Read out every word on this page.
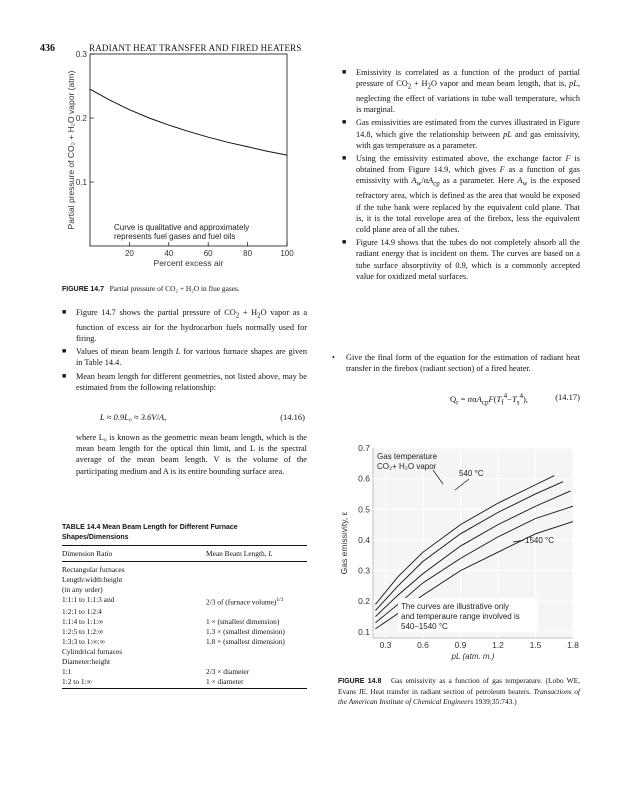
436	RADIANT HEAT TRANSFER AND FIRED HEATERS
0.1
0.2
0.3
20	40	60	80	100
Percent excess air
Partial pressure of CO₂ + H₂O vapor (atm)	Curve is qualitative and approximately
represents fuel gases and fuel oils
FIGURE 14.7 Partial pressure of CO₂ + H₂O in flue gases.
■ Figure 14.7 shows the partial pressure of $CO_2 + H_2O$ vapor as a function of excess air for the hydrocarbon fuels normally used for firing.
■ Values of mean beam length L for various furnace shapes are given in Table 14.4.
■ Mean beam length for different geometries, not listed above, may be estimated from the following relationship:
L ≈ 0.9L₀ ≈ 3.6V/A,	(14.16)
where L₀ is known as the geometric mean beam length, which is the mean beam length for the optical thin limit, and L is the spectral average of the mean beam length. V is the volume of the participating medium and A is its entire bounding surface area.
TABLE 14.4 Mean Beam Length for Different Furnace
Shapes/Dimensions
Dimension Ratio	Mean Beam Length, L
Rectangular furnaces	
Length:width:height	
(in any order)	
1:1:1 to 1:1:3 and	2/3 of (furnace volume)$^{1/3}$
1:2:1 to 1:2:4	
1:1:4 to 1:1:∞	1 × (smallest dimension)
1:2:5 to 1:2:∞	1.3 × (smallest dimension)
1:3:3 to 1:∞:∞	1.8 × (smallest dimension)
Cylindrical furnaces	
Diameter:height	
1:1	2/3 × diameter
1:2 to 1:∞	1 × diameter
■ Emissivity is correlated as a function of the product of partial pressure of $CO_2 + H_2O$ vapor and mean beam length, that is, pL, neglecting the effect of variations in tube wall temperature, which is marginal.
■ Gas emissivities are estimated from the curves illustrated in Figure 14.8, which give the relationship between pL and gas emissivity, with gas temperature as a parameter.
■ Using the emissivity estimated above, the exchange factor F is obtained from Figure 14.9, which gives F as a function of gas emissivity with $A_w/\alpha A_{cp}$ as a parameter. Here $A_w$ is the exposed refractory area, which is defined as the area that would be exposed if the tube bank were replaced by the equivalent cold plane. That is, it is the total envelope area of the firebox, less the equivalent cold plane area of all the tubes.
■ Figure 14.9 shows that the tubes do not completely absorb all the radiant energy that is incident on them. The curves are based on a tube surface absorptivity of 0.9, which is a commonly accepted value for oxidized metal surfaces.
• Give the final form of the equation for the estimation of radiant heat transfer in the firebox (radiant section) of a fired heater.
$Q_r = \sigma\alpha A_{cp}F(T_f^4-T_s^4)$,	(14.17)
0.1
0.2
0.3
0.4
0.5
0.6
0.7
0.3	0.6	0.9	1.2	1.5	1.8
pL (atm. m.)
Gas emissivity, ε
Gas temperature
CO₂+ H₂O vapor
540 °C
1540 °C
The curves are illustrative only
and temperaure range involved is
540–1540 °C
FIGURE 14.8 Gas emissivity as a function of gas temperature. (Lobo WE, Evans JE. Heat transfer in radiant section of petroleum heaters. Transactions of the American Institute of Chemical Engineers 1939;35:743.)
